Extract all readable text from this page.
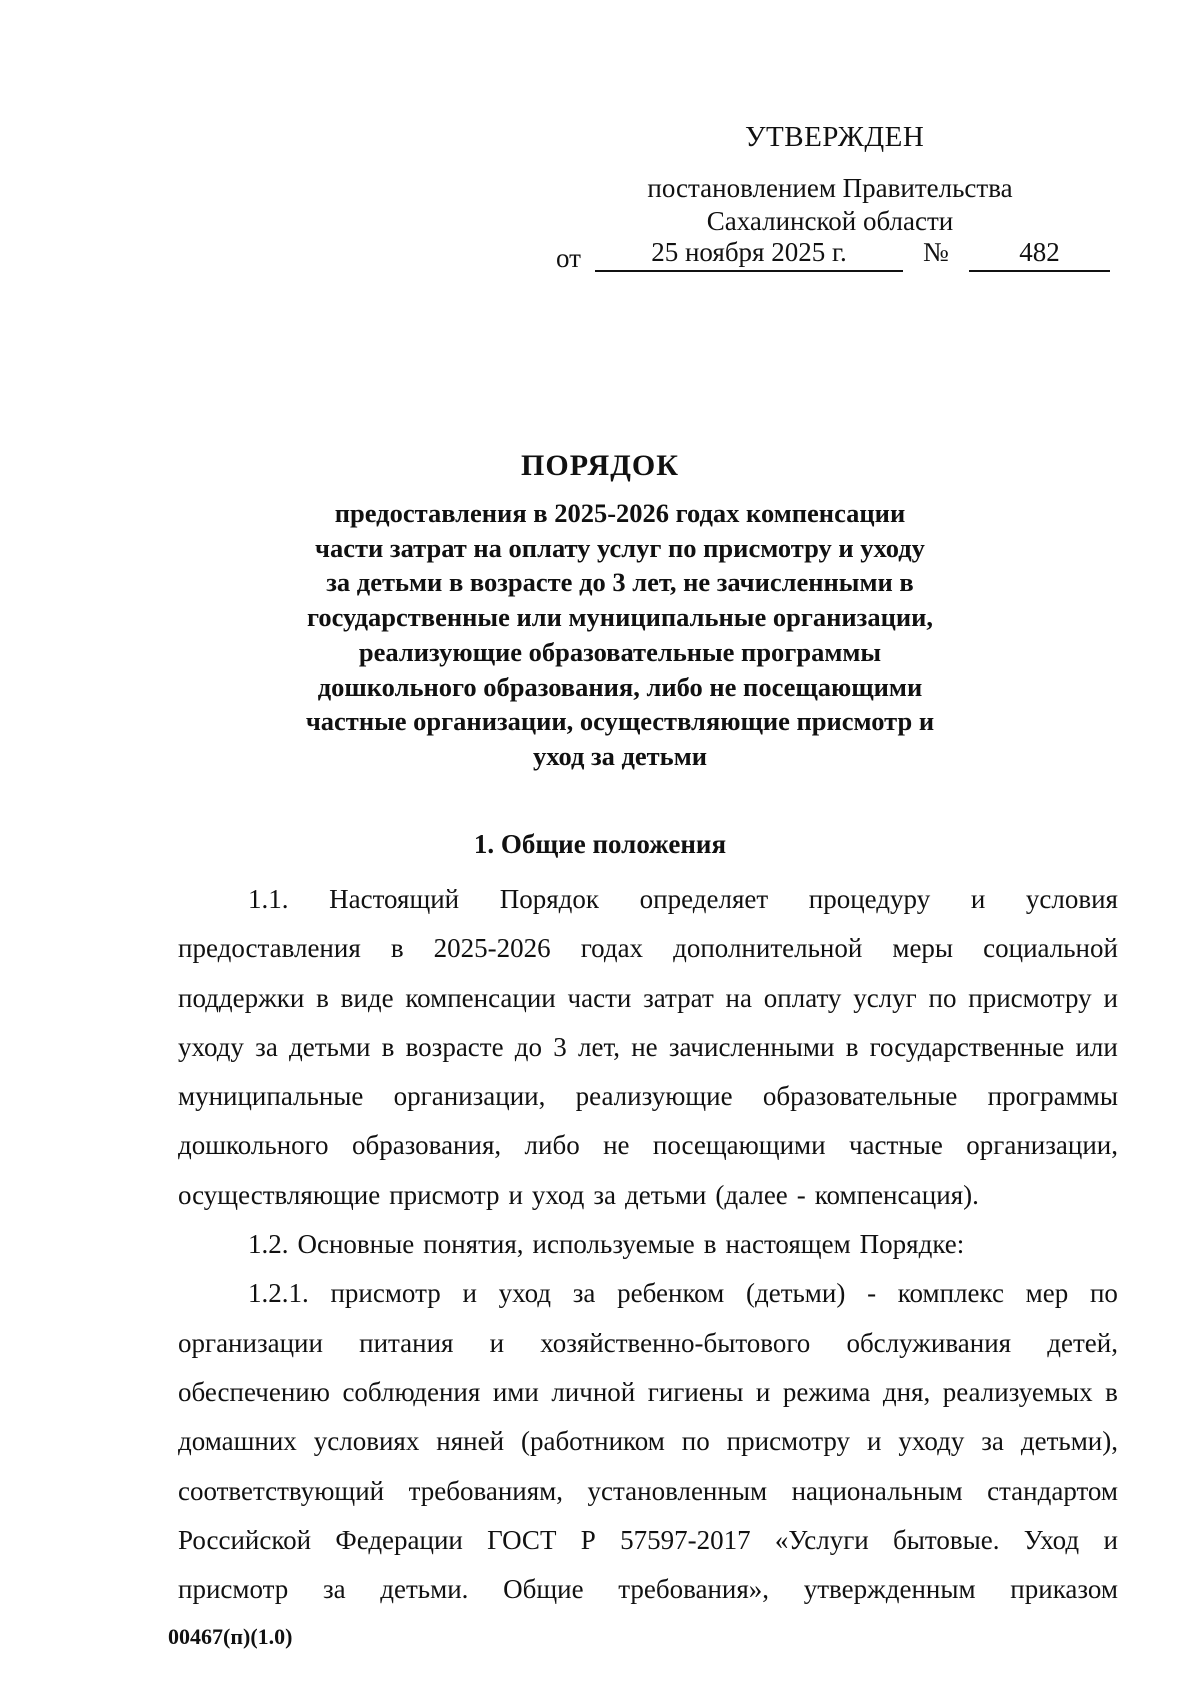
УТВЕРЖДЕН
постановлением Правительства
Сахалинской области
от	25 ноября 2025 г.	№	482
ПОРЯДОК
предоставления в 2025-2026 годах компенсации
части затрат на оплату услуг по присмотру и уходу
за детьми в возрасте до 3 лет, не зачисленными в
государственные или муниципальные организации,
реализующие образовательные программы
дошкольного образования, либо не посещающими
частные организации, осуществляющие присмотр и
уход за детьми
1. Общие положения
1.1. Настоящий Порядок определяет процедуру и условия
предоставления в 2025-2026 годах дополнительной меры социальной
поддержки в виде компенсации части затрат на оплату услуг по присмотру и
уходу за детьми в возрасте до 3 лет, не зачисленными в государственные или
муниципальные организации, реализующие образовательные программы
дошкольного образования, либо не посещающими частные организации,
осуществляющие присмотр и уход за детьми (далее - компенсация).
1.2. Основные понятия, используемые в настоящем Порядке:
1.2.1. присмотр и уход за ребенком (детьми) - комплекс мер по
организации питания и хозяйственно-бытового обслуживания детей,
обеспечению соблюдения ими личной гигиены и режима дня, реализуемых в
домашних условиях няней (работником по присмотру и уходу за детьми),
соответствующий требованиям, установленным национальным стандартом
Российской Федерации ГОСТ Р 57597-2017 «Услуги бытовые. Уход и
присмотр за детьми. Общие требования», утвержденным приказом
00467(п)(1.0)
